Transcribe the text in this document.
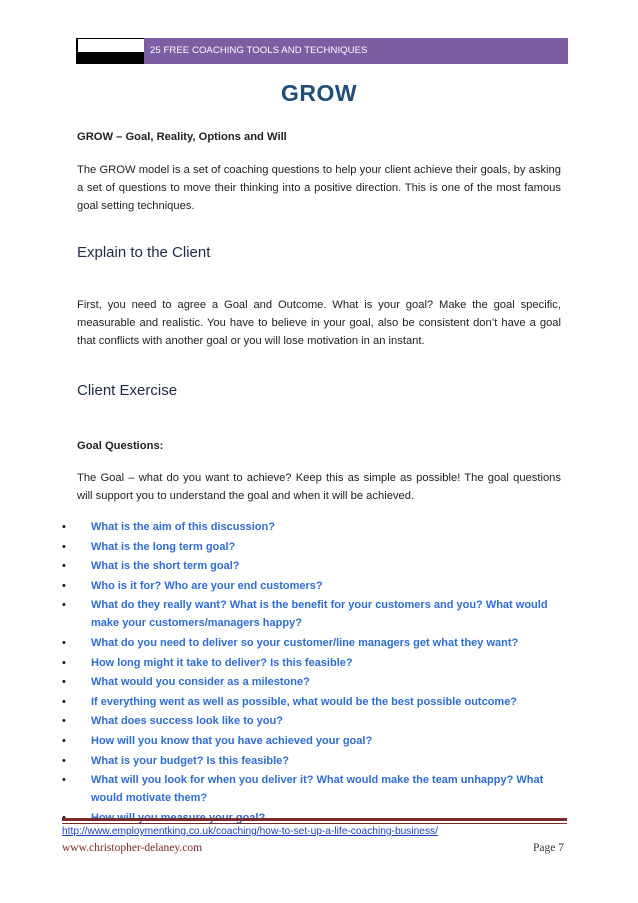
25 FREE COACHING TOOLS AND TECHNIQUES
GROW
GROW – Goal, Reality, Options and Will

The GROW model is a set of coaching questions to help your client achieve their goals, by asking a set of questions to move their thinking into a positive direction. This is one of the most famous goal setting techniques.

Explain to the Client

First, you need to agree a Goal and Outcome. What is your goal? Make the goal specific, measurable and realistic. You have to believe in your goal, also be consistent don’t have a goal that conflicts with another goal or you will lose motivation in an instant.

Client Exercise
Goal Questions:

The Goal – what do you want to achieve? Keep this as simple as possible! The goal questions will support you to understand the goal and when it will be achieved.

• What is the aim of this discussion?
• What is the long term goal?
• What is the short term goal?
• Who is it for? Who are your end customers?
• What do they really want? What is the benefit for your customers and you? What would make your customers/managers happy?
• What do you need to deliver so your customer/line managers get what they want?
• How long might it take to deliver? Is this feasible?
• What would you consider as a milestone?
• If everything went as well as possible, what would be the best possible outcome?
• What does success look like to you?
• How will you know that you have achieved your goal?
• What is your budget? Is this feasible?
• What will you look for when you deliver it? What would make the team unhappy? What would motivate them?
http://www.employmentking.co.uk/coaching/how-to-set-up-a-life-coaching-business/
www.christopher-delaney.com	Page 7
